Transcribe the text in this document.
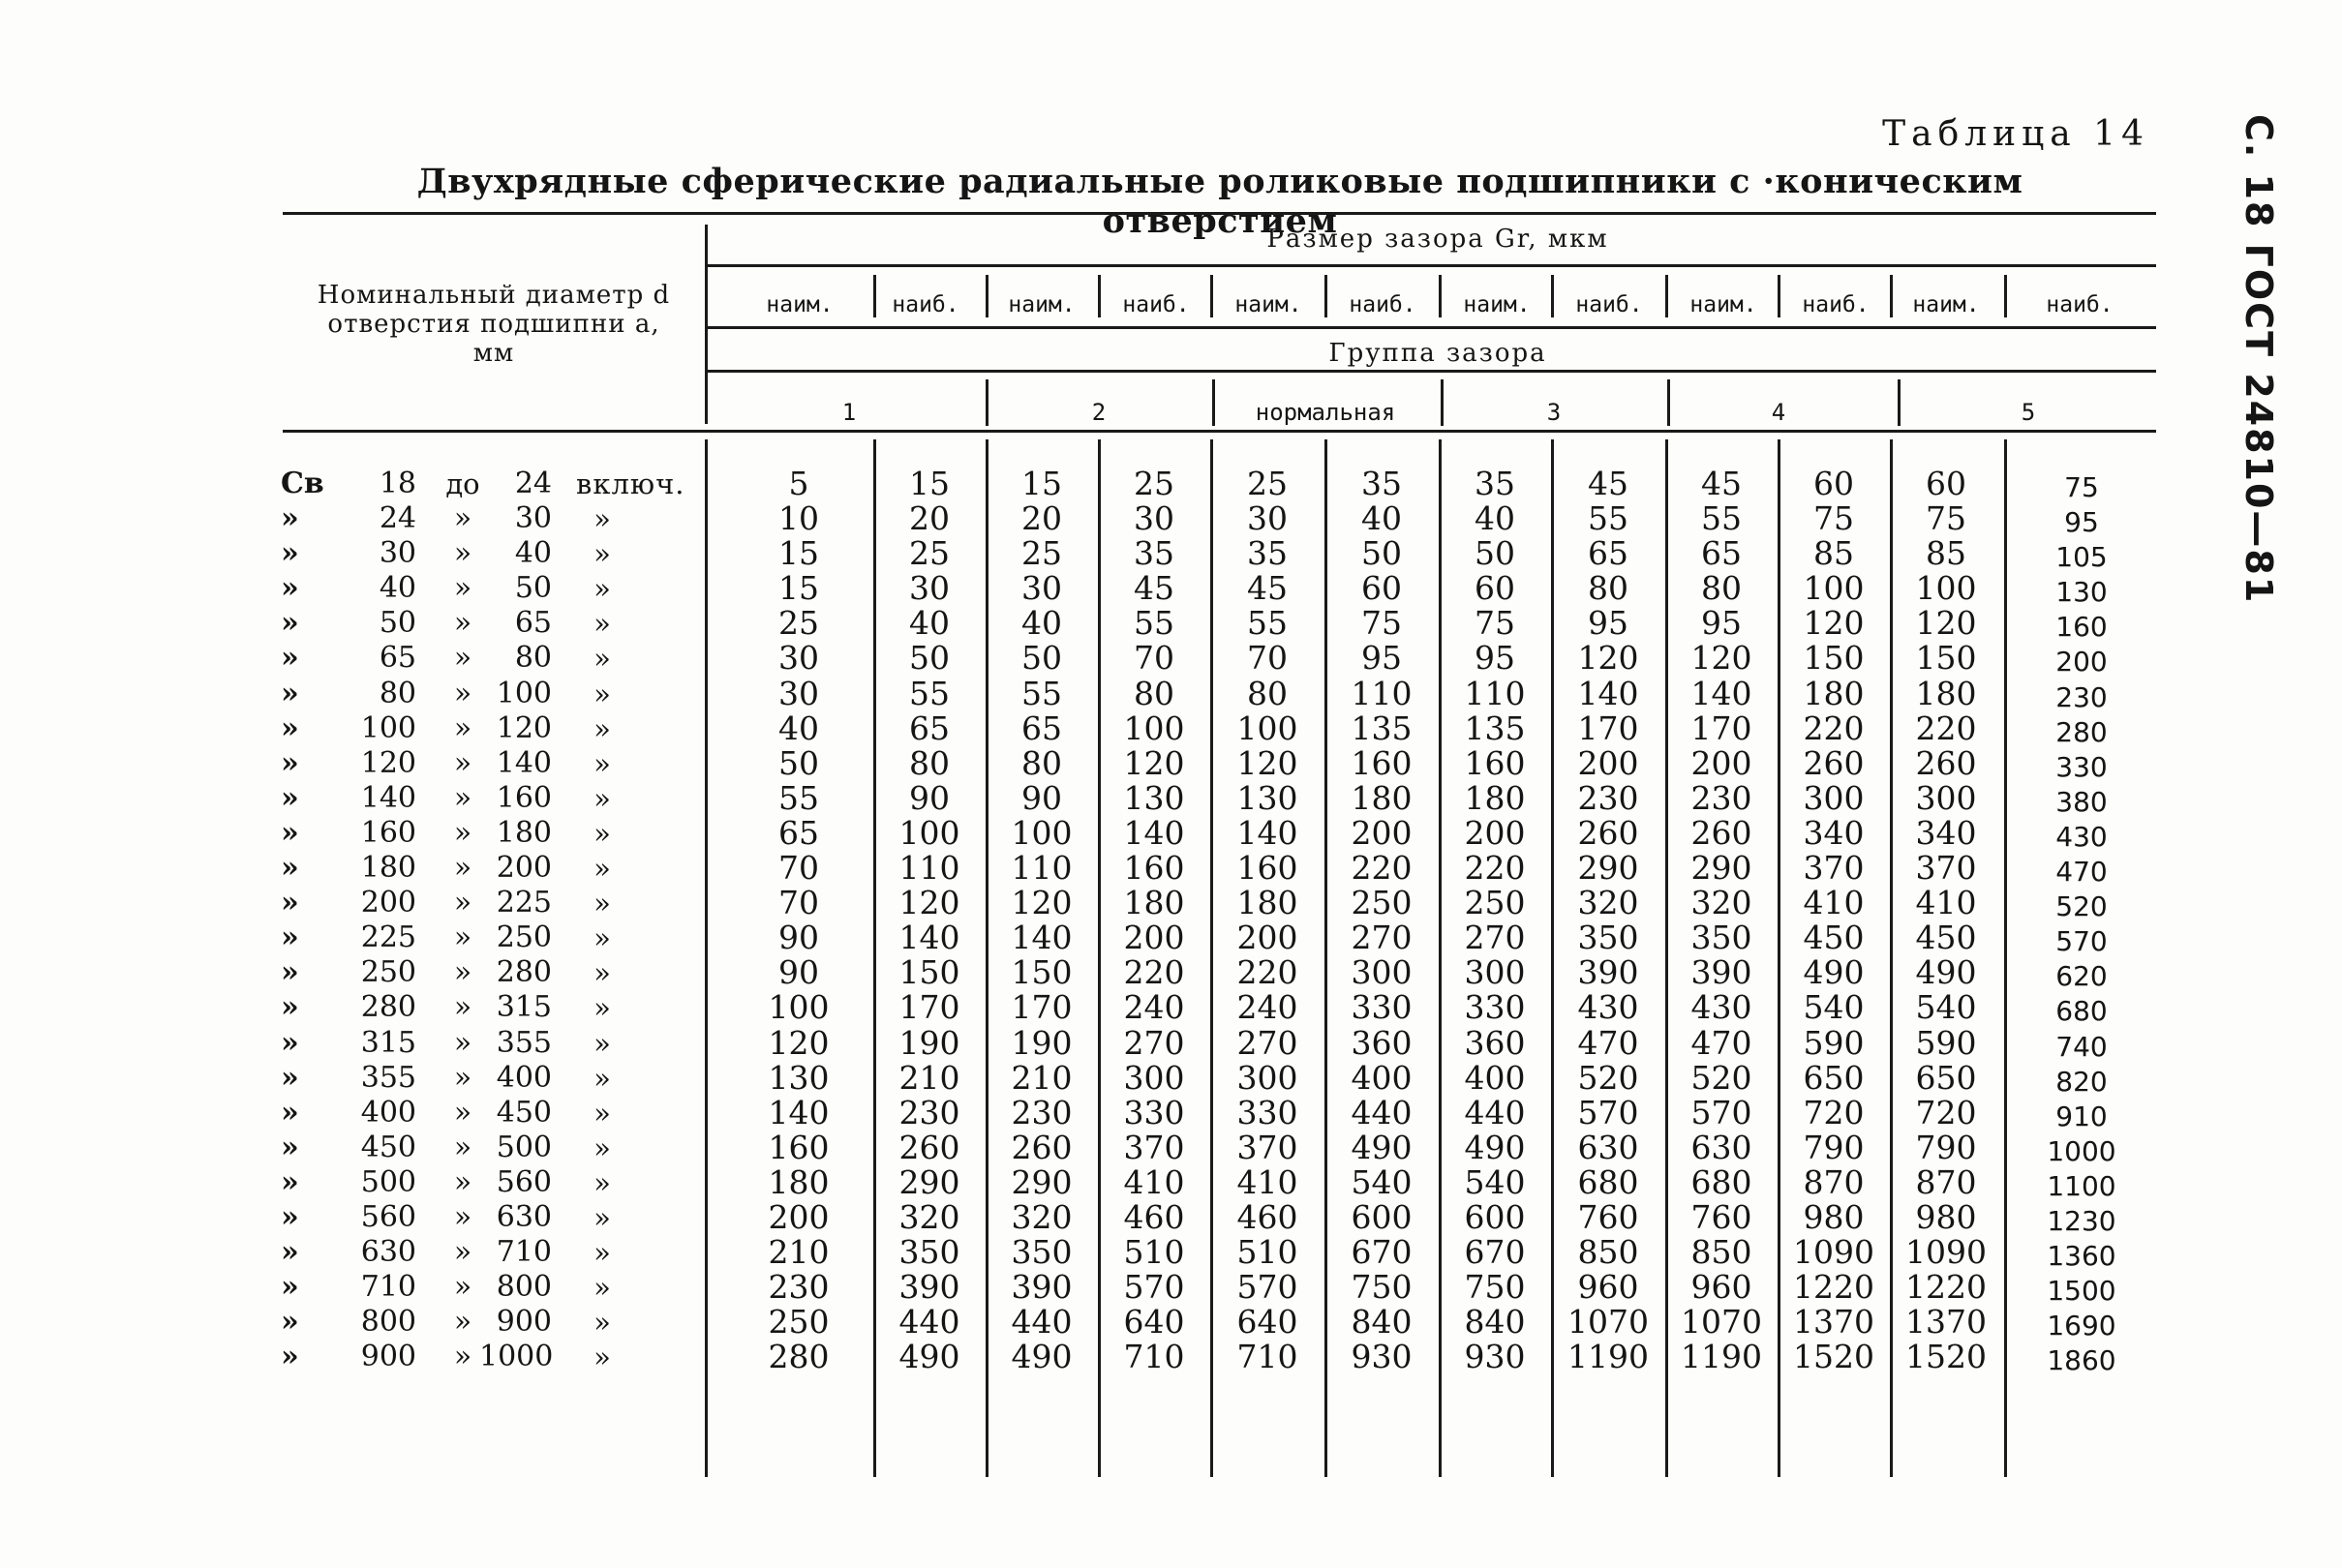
Таблица 14
Двухрядные сферические радиальные роликовые подшипники с ·коническим отверстием	С. 18 ГОСТ 24810—81
Номинальный диаметр d
отверстия подшипни а,
мм
Размер зазора Gr, мкм
Группа зазора
наим.	наиб.	наим.	наиб.	наим.	наиб.	наим.	наиб.	наим.	наиб.	наим.	наиб.
1	2	нормальная	3	4	5
Св	18	до	24 включ.	5	15	15	25	25	35	35	45	45	60	60	75
»	24	»	30	»	10	20	20	30	30	40	40	55	55	75	75	95
»	30	»	40	»	15	25	25	35	35	50	50	65	65	85	85	105
»	40	»	50	»	15	30	30	45	45	60	60	80	80	100	100	130
»	50	»	65	»	25	40	40	55	55	75	75	95	95	120	120	160
»	65	»	80	»	30	50	50	70	70	95	95	120	120	150	150	200
»	80	» 100	»	30	55	55	80	80	110	110	140	140	180	180	230
»	100	» 120	»	40	65	65	100	100	135	135	170	170	220	220	280
»	120	» 140	»	50	80	80	120	120	160	160	200	200	260	260	330
»	140	» 160	»	55	90	90	130	130	180	180	230	230	300	300	380
»	160	» 180	»	65	100	100	140	140	200	200	260	260	340	340	430
»	180	» 200	»	70	110	110	160	160	220	220	290	290	370	370	470
»	200	» 225	»	70	120	120	180	180	250	250	320	320	410	410	520
»	225	» 250	»	90	140	140	200	200	270	270	350	350	450	450	570
»	250	» 280	»	90	150	150	220	220	300	300	390	390	490	490	620
»	280	» 315	»	100	170	170	240	240	330	330	430	430	540	540	680
»	315	» 355	»	120	190	190	270	270	360	360	470	470	590	590	740
»	355	» 400	»	130	210	210	300	300	400	400	520	520	650	650	820
»	400	» 450	»	140	230	230	330	330	440	440	570	570	720	720	910
»	450	» 500	»	160	260	260	370	370	490	490	630	630	790	790	1000
»	500	» 560	»	180	290	290	410	410	540	540	680	680	870	870	1100
»	560	» 630	»	200	320	320	460	460	600	600	760	760	980	980	1230
»	630	» 710	»	210	350	350	510	510	670	670	850	850	1090 1090	1360
»	710	» 800	»	230	390	390	570	570	750	750	960	960	1220 1220	1500
»	800	» 900	»	250	440	440	640	640	840	840	1070	1070 1370 1370	1690
»	900	» 1000	»	280	490	490	710	710	930	930	1190	1190 1520 1520	1860
